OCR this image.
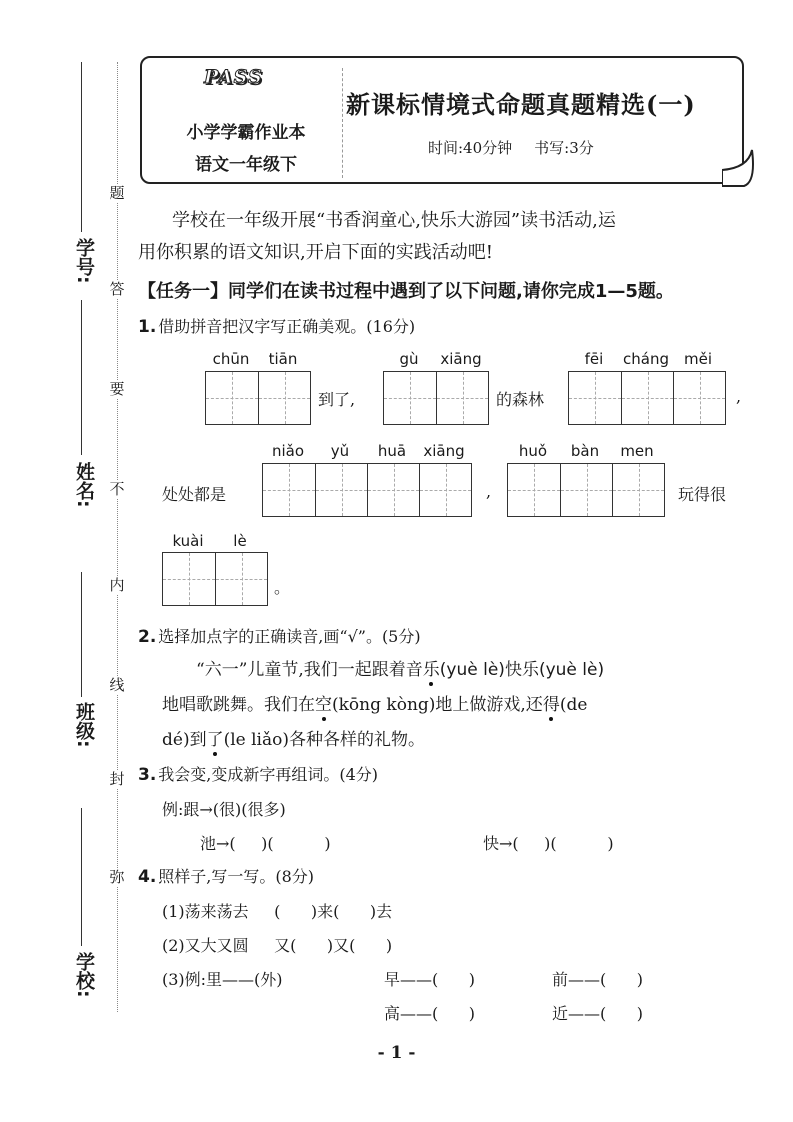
学号:
姓名:
班级:
学校:
题
答
要
不
内
线
封
弥
PASS
小学学霸作业本
语文一年级下
新课标情境式命题真题精选(一)
时间:40分钟 书写:3分
学校在一年级开展“书香润童心,快乐大游园”读书活动,运
用你积累的语文知识,开启下面的实践活动吧!
【任务一】同学们在读书过程中遇到了以下问题,请你完成1—5题。
1. 借助拼音把汉字写正确美观。(16分)
chūn	tiān
到了,
gù	xiāng
的森林
fēi	cháng	měi
,
niǎo	yǔ	huā	xiāng
处处都是	,
huǒ	bàn	men
玩得很
kuài	lè
。
2. 选择加点字的正确读音,画“√”。(5分)
“六一”儿童节,我们一起跟着音乐(yuè lè)快乐(yuè lè)
地唱歌跳舞。我们在空(kōng kòng)地上做游戏,还得(de
dé)到了(le liǎo)各种各样的礼物。
3. 我会变,变成新字再组词。(4分)
例:跟→(很)(很多)
池→(     )(          )	快→(     )(          )
4. 照样子,写一写。(8分)
(1)荡来荡去     (      )来(      )去
(2)又大又圆     又(      )又(      )
(3)例:里——(外)	早——(      )	前——(      )
高——(      )	近——(      )
- 1 -
